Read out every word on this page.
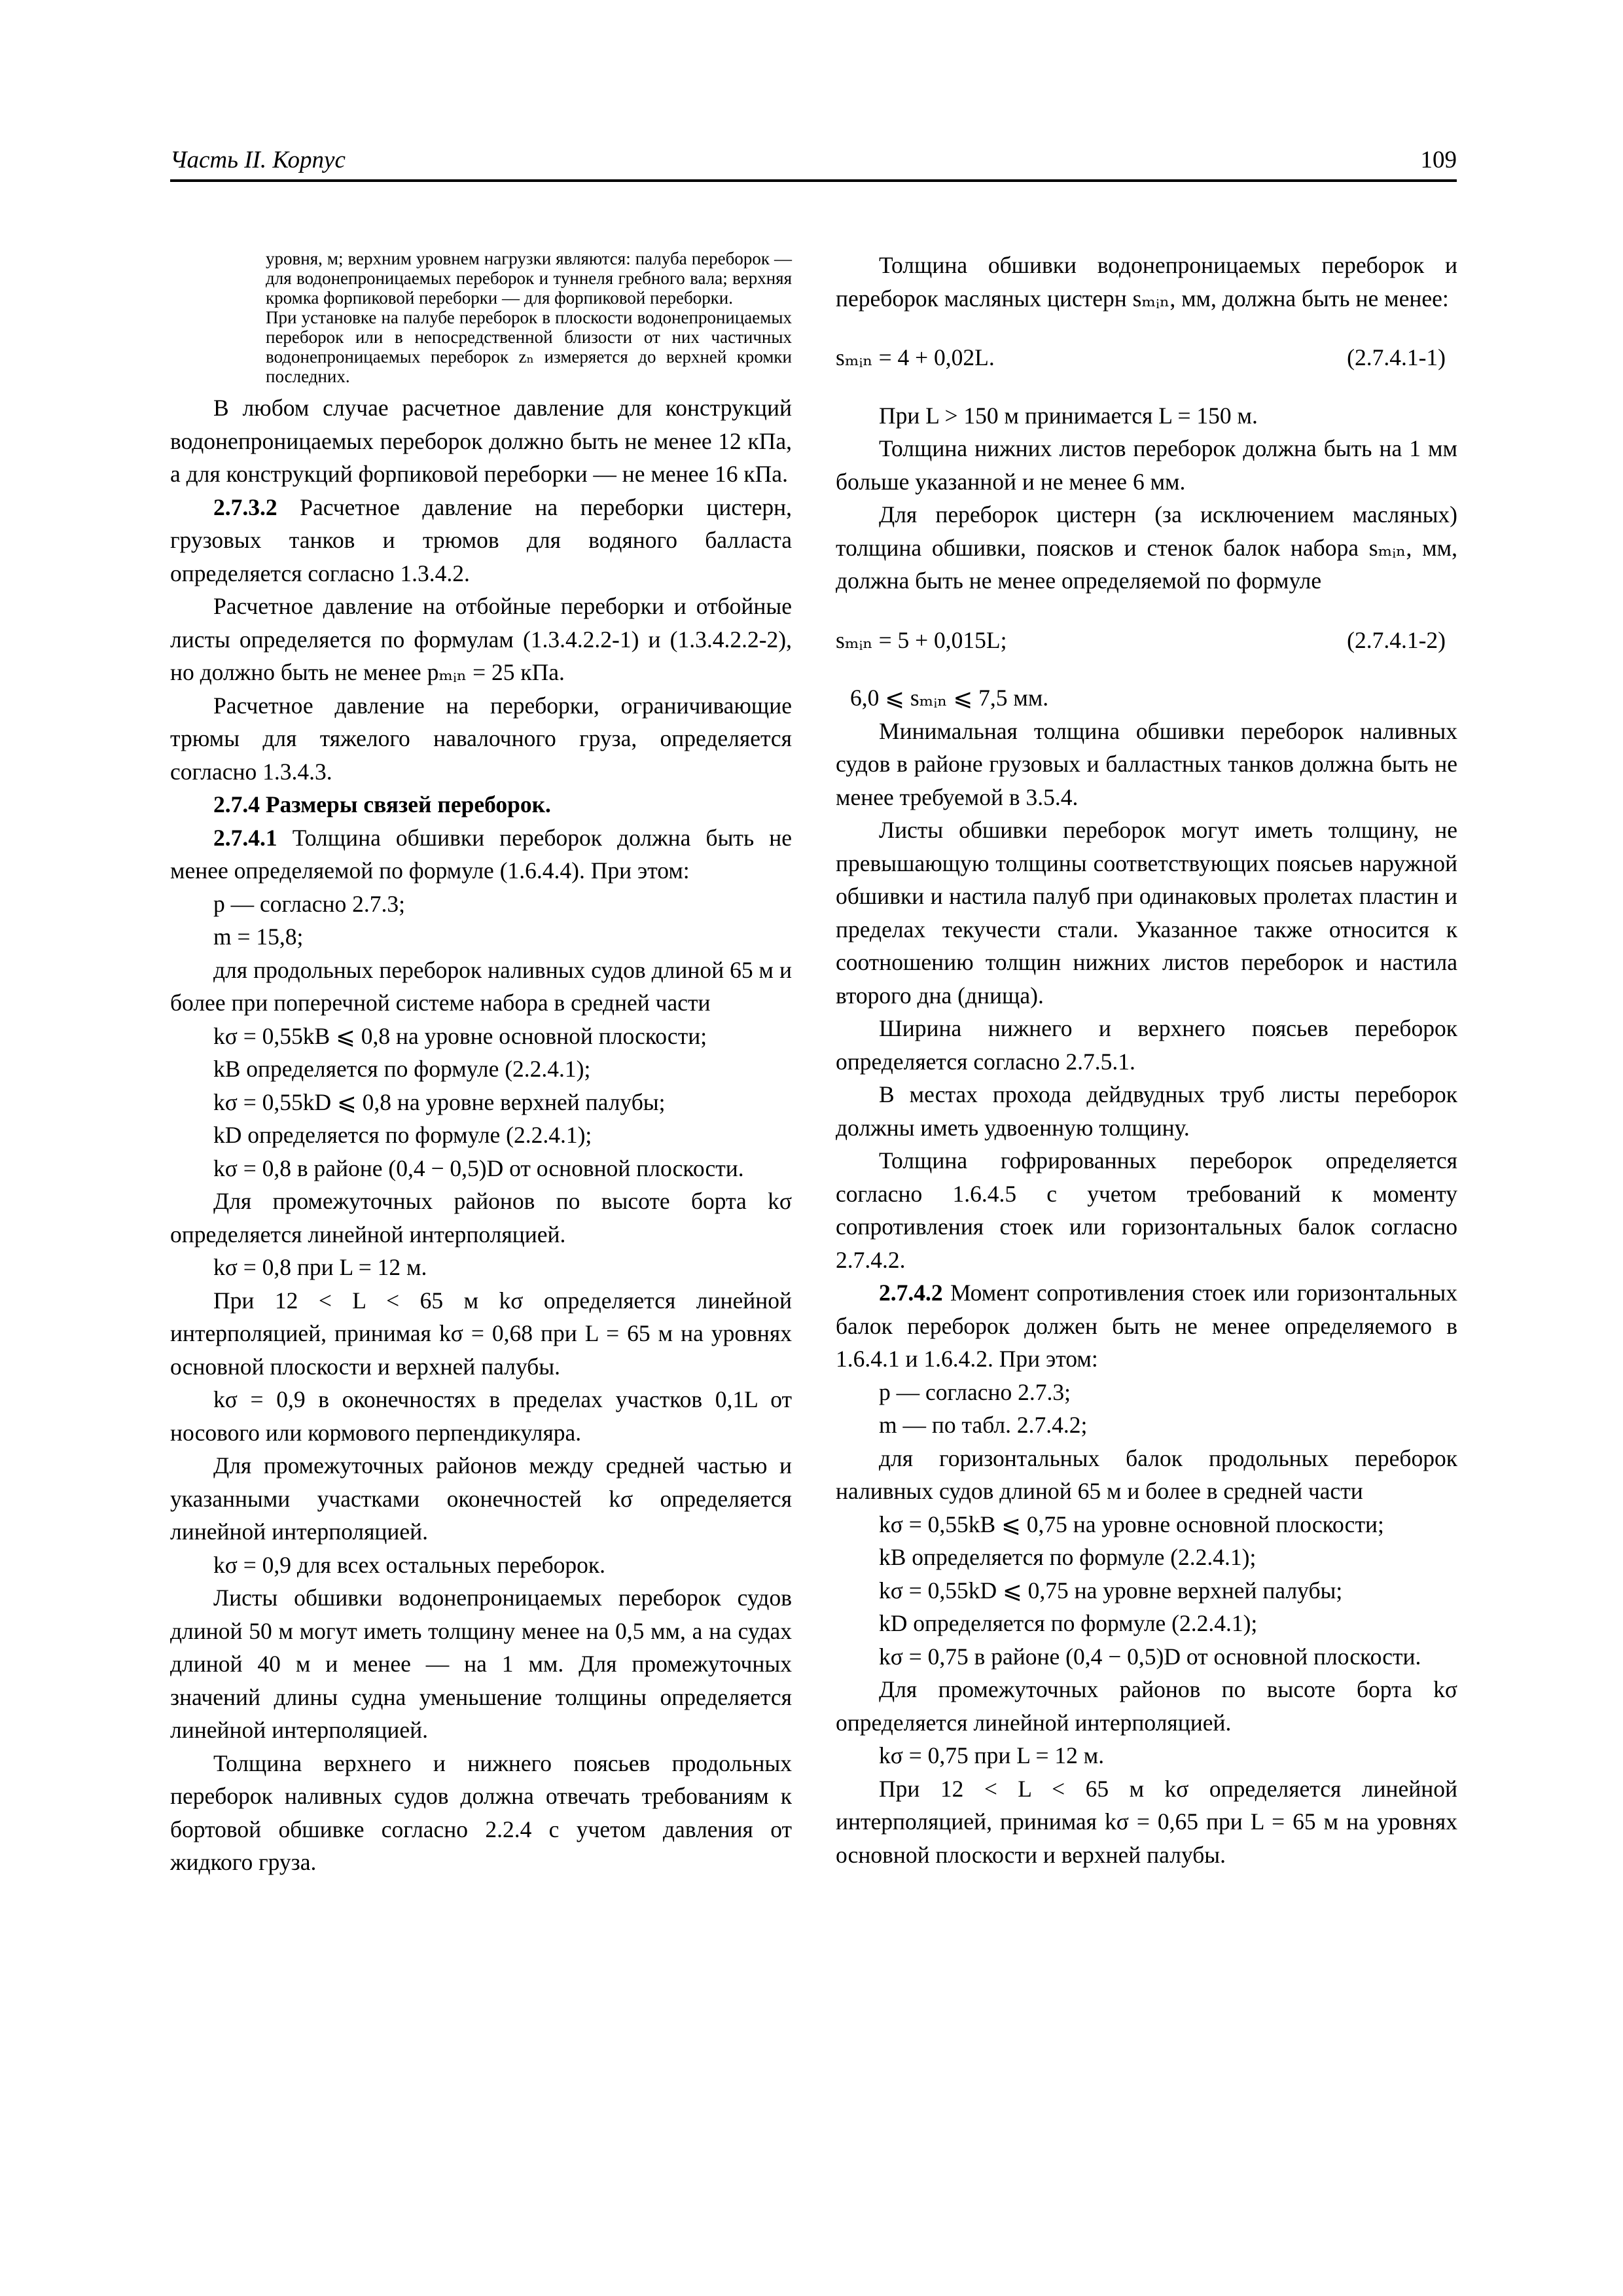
Часть II. Корпус	109

уровня, м; верхним уровнем нагрузки являются: палуба переборок — для водонепроницаемых переборок и туннеля гребного вала; верхняя кромка форпиковой переборки — для форпиковой переборки.

При установке на палубе переборок в плоскости водонепроницаемых переборок или в непосредственной близости от них частичных водонепроницаемых переборок zₙ измеряется до верхней кромки последних.

В любом случае расчетное давление для конструкций водонепроницаемых переборок должно быть не менее 12 кПа, а для конструкций форпиковой переборки — не менее 16 кПа.

2.7.3.2 Расчетное давление на переборки цистерн, грузовых танков и трюмов для водяного балласта определяется согласно 1.3.4.2.

Расчетное давление на отбойные переборки и отбойные листы определяется по формулам (1.3.4.2.2-1) и (1.3.4.2.2-2), но должно быть не менее pₘᵢₙ = 25 кПа.

Расчетное давление на переборки, ограничивающие трюмы для тяжелого навалочного груза, определяется согласно 1.3.4.3.

2.7.4 Размеры связей переборок.

2.7.4.1 Толщина обшивки переборок должна быть не менее определяемой по формуле (1.6.4.4). При этом:

p — согласно 2.7.3;

m = 15,8;

для продольных переборок наливных судов длиной 65 м и более при поперечной системе набора в средней части

kσ = 0,55kB ⩽ 0,8 на уровне основной плоскости;

kB определяется по формуле (2.2.4.1);

kσ = 0,55kD ⩽ 0,8 на уровне верхней палубы;

kD определяется по формуле (2.2.4.1);

kσ = 0,8 в районе (0,4 − 0,5)D от основной плоскости.

Для промежуточных районов по высоте борта kσ определяется линейной интерполяцией.

kσ = 0,8 при L = 12 м.

При 12 < L < 65 м kσ определяется линейной интерполяцией, принимая kσ = 0,68 при L = 65 м на уровнях основной плоскости и верхней палубы.

kσ = 0,9 в оконечностях в пределах участков 0,1L от носового или кормового перпендикуляра.

Для промежуточных районов между средней частью и указанными участками оконечностей kσ определяется линейной интерполяцией.

kσ = 0,9 для всех остальных переборок.

Листы обшивки водонепроницаемых переборок судов длиной 50 м могут иметь толщину менее на 0,5 мм, а на судах длиной 40 м и менее — на 1 мм. Для промежуточных значений длины судна уменьшение толщины определяется линейной интерполяцией.

Толщина верхнего и нижнего поясьев продольных переборок наливных судов должна отвечать требованиям к бортовой обшивке согласно 2.2.4 с учетом давления от жидкого груза.

Толщина обшивки водонепроницаемых переборок и переборок масляных цистерн sₘᵢₙ, мм, должна быть не менее:

sₘᵢₙ = 4 + 0,02L.	(2.7.4.1-1)

При L > 150 м принимается L = 150 м.

Толщина нижних листов переборок должна быть на 1 мм больше указанной и не менее 6 мм.

Для переборок цистерн (за исключением масляных) толщина обшивки, поясков и стенок балок набора sₘᵢₙ, мм, должна быть не менее определяемой по формуле

sₘᵢₙ = 5 + 0,015L;	(2.7.4.1-2)

6,0 ⩽ sₘᵢₙ ⩽ 7,5 мм.

Минимальная толщина обшивки переборок наливных судов в районе грузовых и балластных танков должна быть не менее требуемой в 3.5.4.

Листы обшивки переборок могут иметь толщину, не превышающую толщины соответствующих поясьев наружной обшивки и настила палуб при одинаковых пролетах пластин и пределах текучести стали. Указанное также относится к соотношению толщин нижних листов переборок и настила второго дна (днища).

Ширина нижнего и верхнего поясьев переборок определяется согласно 2.7.5.1.

В местах прохода дейдвудных труб листы переборок должны иметь удвоенную толщину.

Толщина гофрированных переборок определяется согласно 1.6.4.5 с учетом требований к моменту сопротивления стоек или горизонтальных балок согласно 2.7.4.2.

2.7.4.2 Момент сопротивления стоек или горизонтальных балок переборок должен быть не менее определяемого в 1.6.4.1 и 1.6.4.2. При этом:

p — согласно 2.7.3;

m — по табл. 2.7.4.2;

для горизонтальных балок продольных переборок наливных судов длиной 65 м и более в средней части

kσ = 0,55kB ⩽ 0,75 на уровне основной плоскости;

kB определяется по формуле (2.2.4.1);

kσ = 0,55kD ⩽ 0,75 на уровне верхней палубы;

kD определяется по формуле (2.2.4.1);

kσ = 0,75 в районе (0,4 − 0,5)D от основной плоскости.

Для промежуточных районов по высоте борта kσ определяется линейной интерполяцией.

kσ = 0,75 при L = 12 м.

При 12 < L < 65 м kσ определяется линейной интерполяцией, принимая kσ = 0,65 при L = 65 м на уровнях основной плоскости и верхней палубы.
